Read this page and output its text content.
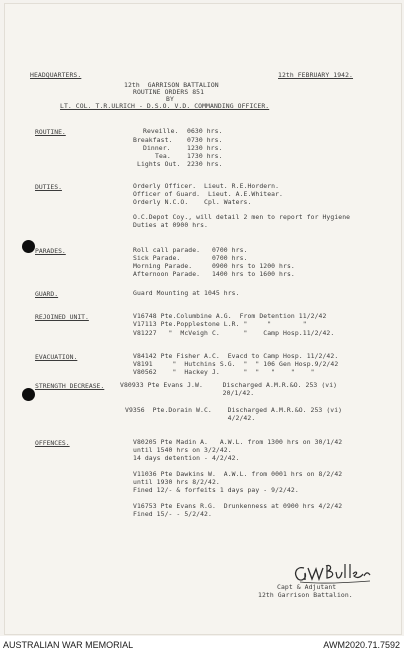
HEADQUARTERS.	12th FEBRUARY 1942.
12th  GARRISON BATTALION
ROUTINE ORDERS 851
BY
LT. COL. T.R.ULRICH - D.S.O. V.D. COMMANDING OFFICER.
ROUTINE.	Reveille. 0630 hrs.
Breakfast. 0730 hrs.
Dinner.	1230 hrs.
Tea.	1730 hrs.
Lights Out. 2230 hrs.
DUTIES.	Orderly Officer.  Lieut. R.E.Hordern.
Officer of Guard.  Lieut. A.E.Whitear.
Orderly N.C.O.    Cpl. Waters.
O.C.Depot Coy., will detail 2 men to report for Hygiene
Duties at 0900 hrs.
PARADES.	Roll call parade.   0700 hrs.
Sick Parade.        0700 hrs.
Morning Parade.     0900 hrs to 1200 hrs.
Afternoon Parade.   1400 hrs to 1600 hrs.
GUARD.	Guard Mounting at 1045 hrs.
REJOINED UNIT.	V16748 Pte.Columbine A.G.  From Detention 11/2/42
V17113 Pte.Popplestone L.R. "     "        "
V81227   "  McVeigh C.      "    Camp Hosp.11/2/42.
EVACUATION.	V84142 Pte Fisher A.C.  Evacd to Camp Hosp. 11/2/42.
V8191     "  Hutchins S.G.  "  " 106 Gen Hosp.9/2/42
V80562    "  Hackey J.      "  "   "    "    "
STRENGTH DECREASE. V80933 Pte Evans J.W.     Discharged A.M.R.&O. 253 (vi)
20/1/42.
V9356  Pte.Dorain W.C.    Discharged A.M.R.&O. 253 (vi)
4/2/42.
OFFENCES.	V80205 Pte Madin A.   A.W.L. from 1300 hrs on 30/1/42
until 1540 hrs on 3/2/42.
14 days detention - 4/2/42.
V11036 Pte Dawkins W.  A.W.L. from 0001 hrs on 8/2/42
until 1930 hrs 8/2/42.
Fined 12/- & forfeits 1 days pay - 9/2/42.
V16753 Pte Evans R.G.  Drunkenness at 0900 hrs 4/2/42
Fined 15/- - 5/2/42.
Capt & Adjutant
12th Garrison Battalion.
AUSTRALIAN WAR MEMORIAL	AWM2020.71.7592
